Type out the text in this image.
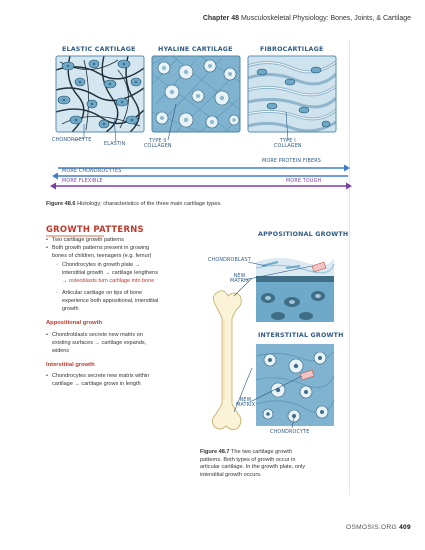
Chapter 48 Musculoskeletal Physiology: Bones, Joints, & Cartilage
ELASTIC CARTILAGE	HYALINE CARTILAGE	FIBROCARTILAGE
CHONDROCYTE
ELASTIN
TYPE II
COLLAGEN
TYPE I
COLLAGEN
MORE PROTEIN FIBERS
MORE CHONDROCYTES
MORE FLEXIBLE	MORE TOUGH
Figure 48.6 Histology; characteristics of the three main cartilage types.
GROWTH PATTERNS
• Two cartilage growth patterns
• Both growth patterns present in growing
bones of children, teenagers (e.g. femur)
◦ Chondrocytes in growth plate →
interstitial growth → cartilage lengthens
→ osteoblasts turn cartilage into bone
◦ Articular cartilage on tips of bone
experience both appositional, interstitial
growth
Appositional growth
• Chondroblasts secrete new matrix on
existing surfaces → cartilage expands,
widens
Interstitial growth
• Chondrocytes secrete new matrix within
cartilage → cartilage grows in length
APPOSITIONAL GROWTH
INTERSTITIAL GROWTH
CHONDROBLAST
NEW
MATRIX
NEW
MATRIX
CHONDROCYTE
Figure 48.7 The two cartilage growth
patterns. Both types of growth occur in
articular cartilage. In the growth plate, only
interstitial growth occurs.
OSMOSIS.ORG 409
